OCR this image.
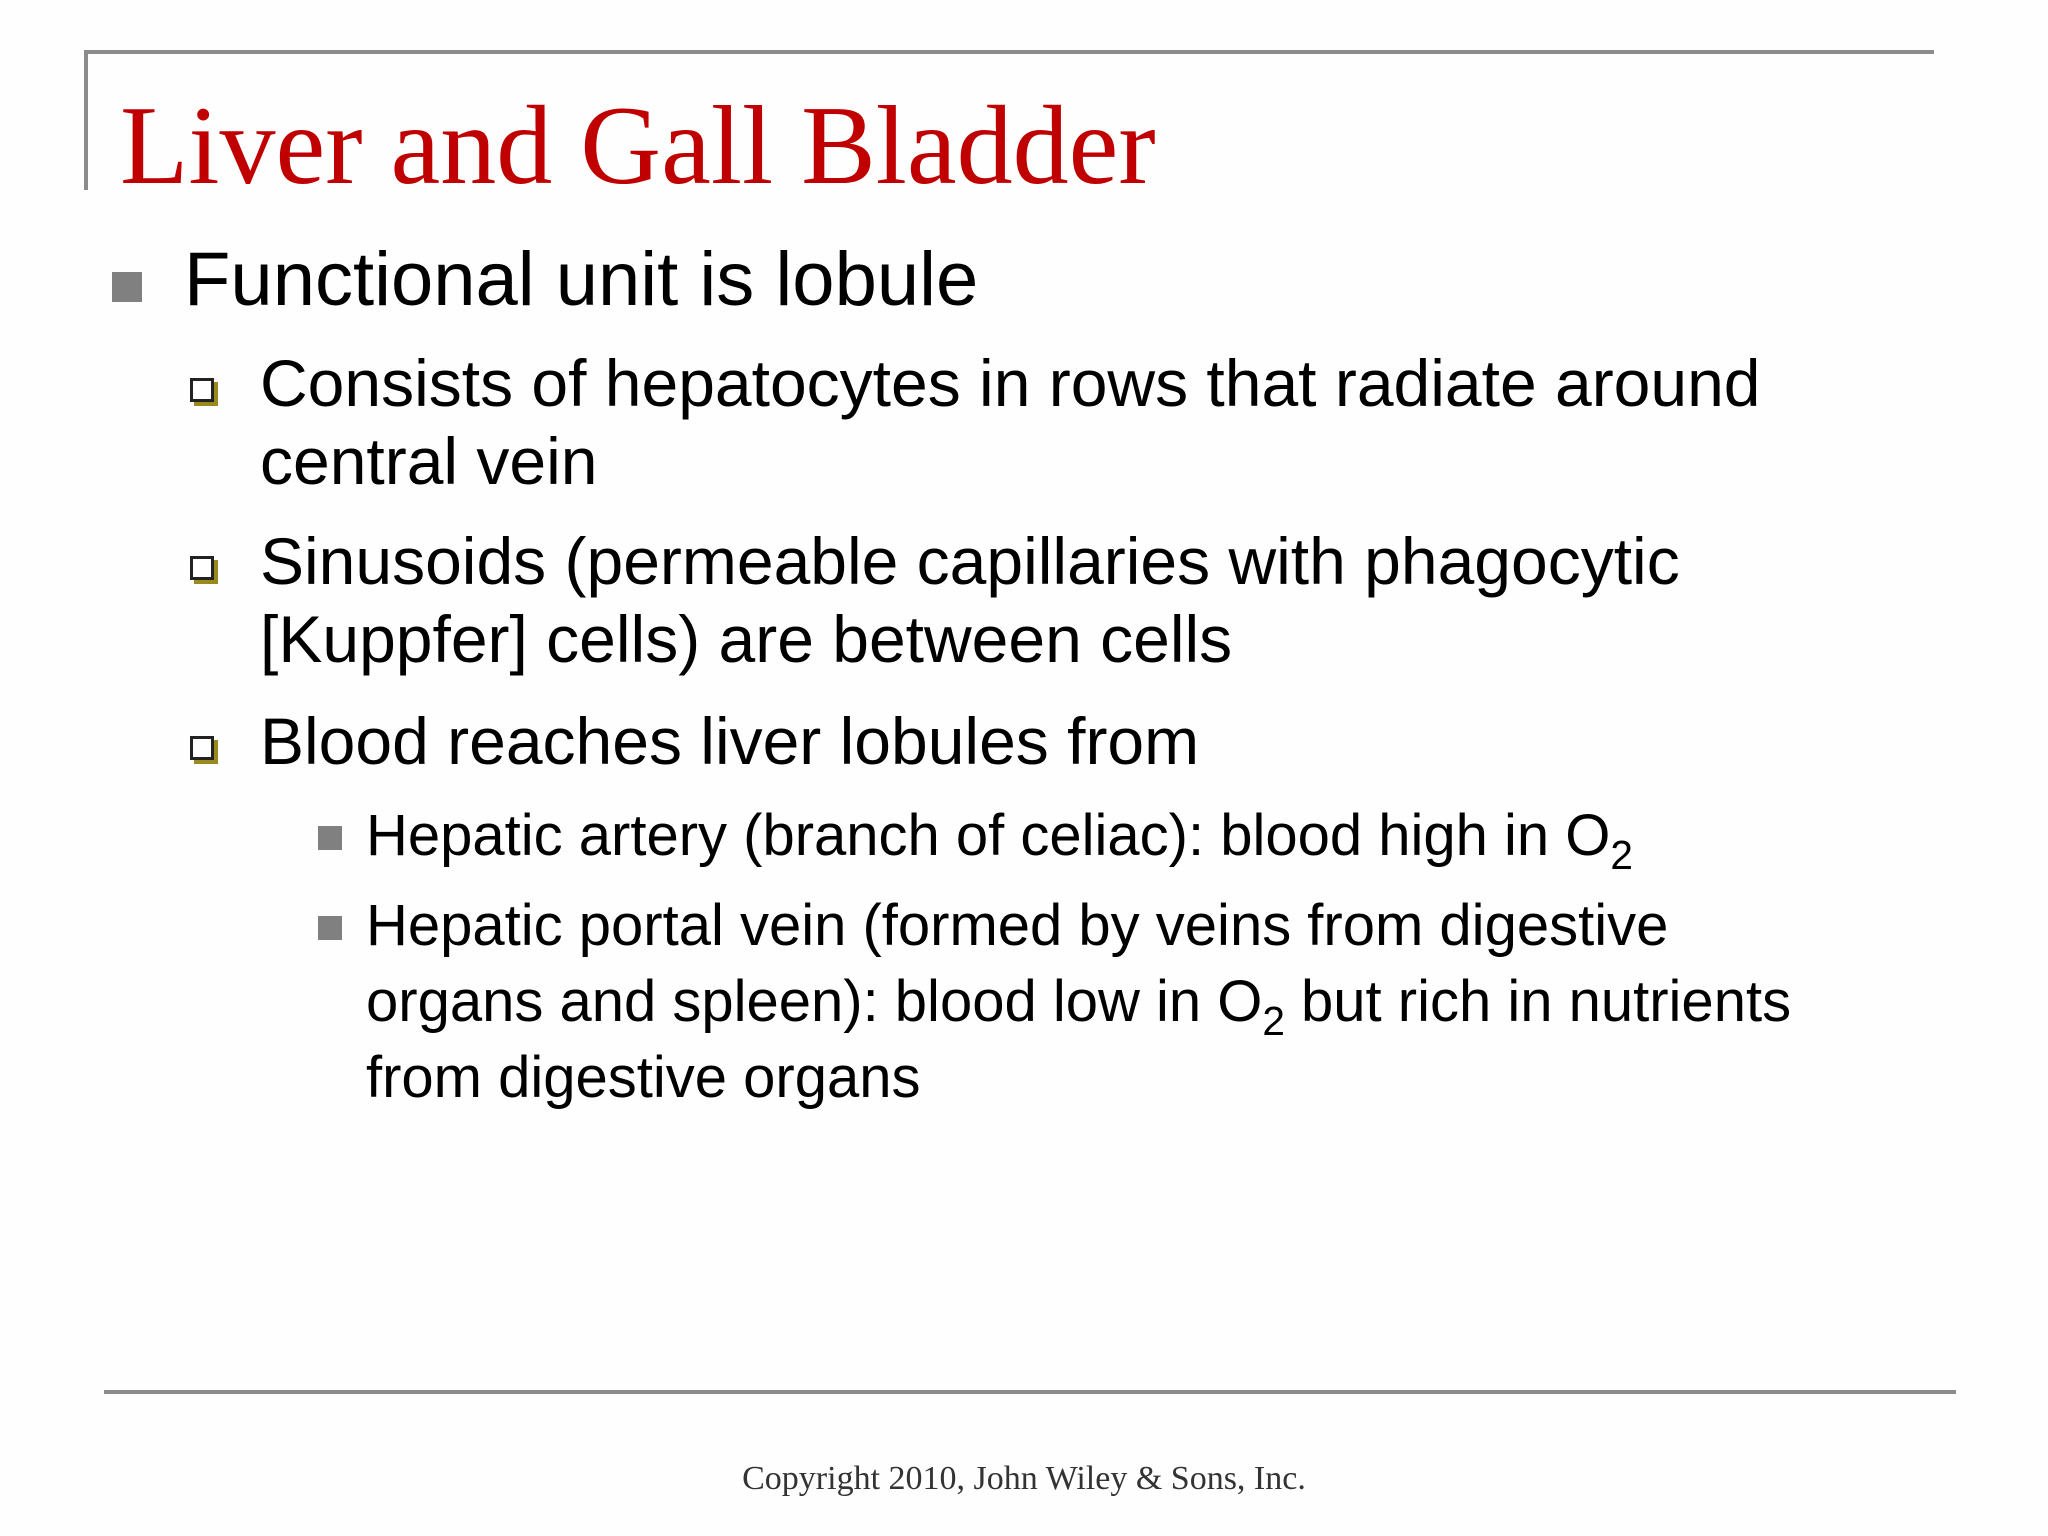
Liver and Gall Bladder
Functional unit is lobule
Consists of hepatocytes in rows that radiate around central vein
Sinusoids (permeable capillaries with phagocytic [Kuppfer] cells) are between cells
Blood reaches liver lobules from
Hepatic artery (branch of celiac): blood high in $O_2$
Hepatic portal vein (formed by veins from digestive organs and spleen): blood low in $O_2$ but rich in nutrients from digestive organs
Copyright 2010, John Wiley & Sons, Inc.
